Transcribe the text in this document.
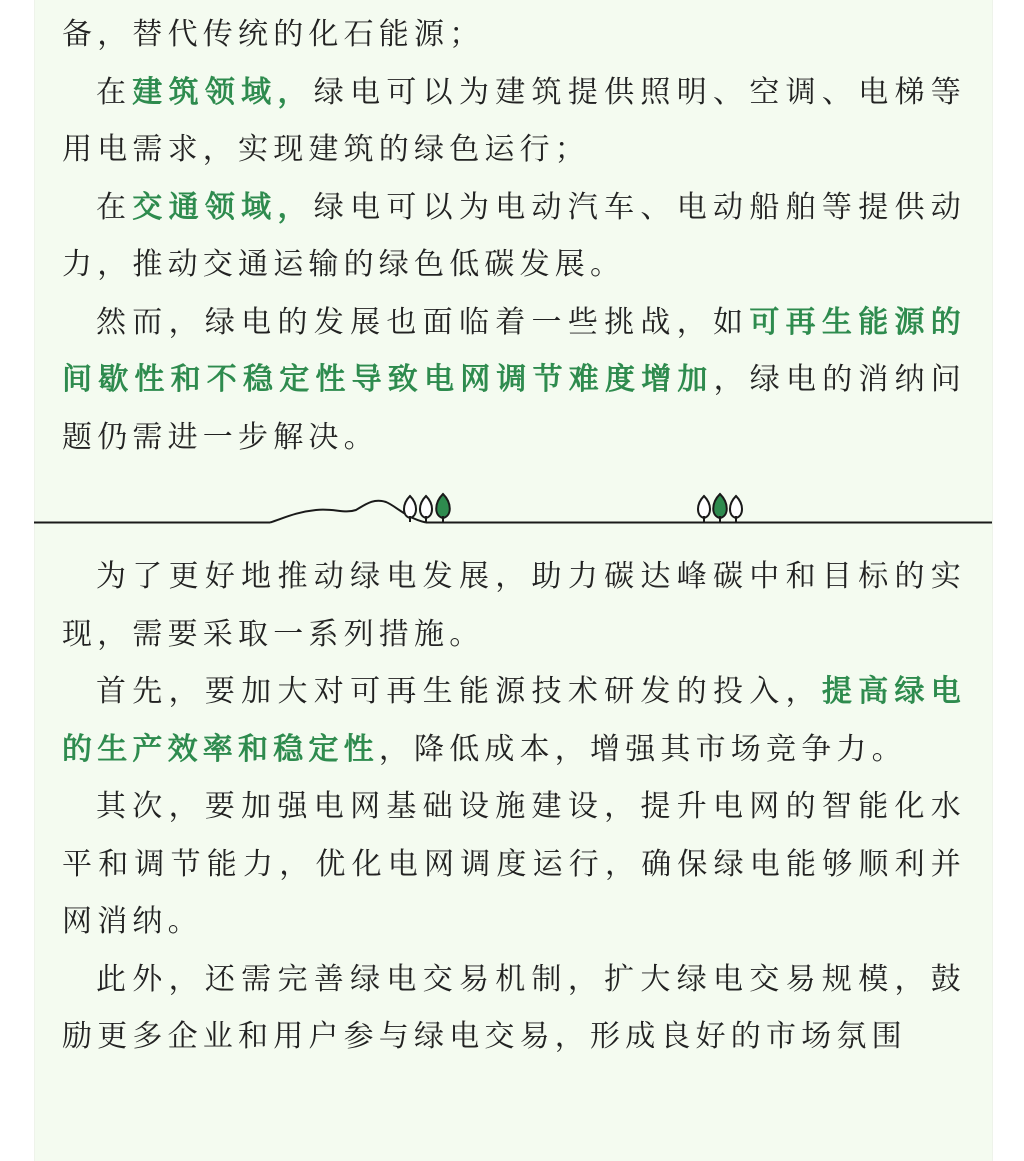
备，替代传统的化石能源；

在建筑领域，绿电可以为建筑提供照明、空调、电梯等用电需求，实现建筑的绿色运行；

在交通领域，绿电可以为电动汽车、电动船舶等提供动力，推动交通运输的绿色低碳发展。

然而，绿电的发展也面临着一些挑战，如可再生能源的间歇性和不稳定性导致电网调节难度增加，绿电的消纳问题仍需进一步解决。

为了更好地推动绿电发展，助力碳达峰碳中和目标的实现，需要采取一系列措施。

首先，要加大对可再生能源技术研发的投入，提高绿电的生产效率和稳定性，降低成本，增强其市场竞争力。

其次，要加强电网基础设施建设，提升电网的智能化水平和调节能力，优化电网调度运行，确保绿电能够顺利并网消纳。

此外，还需完善绿电交易机制，扩大绿电交易规模，鼓励更多企业和用户参与绿电交易，形成良好的市场氛围
